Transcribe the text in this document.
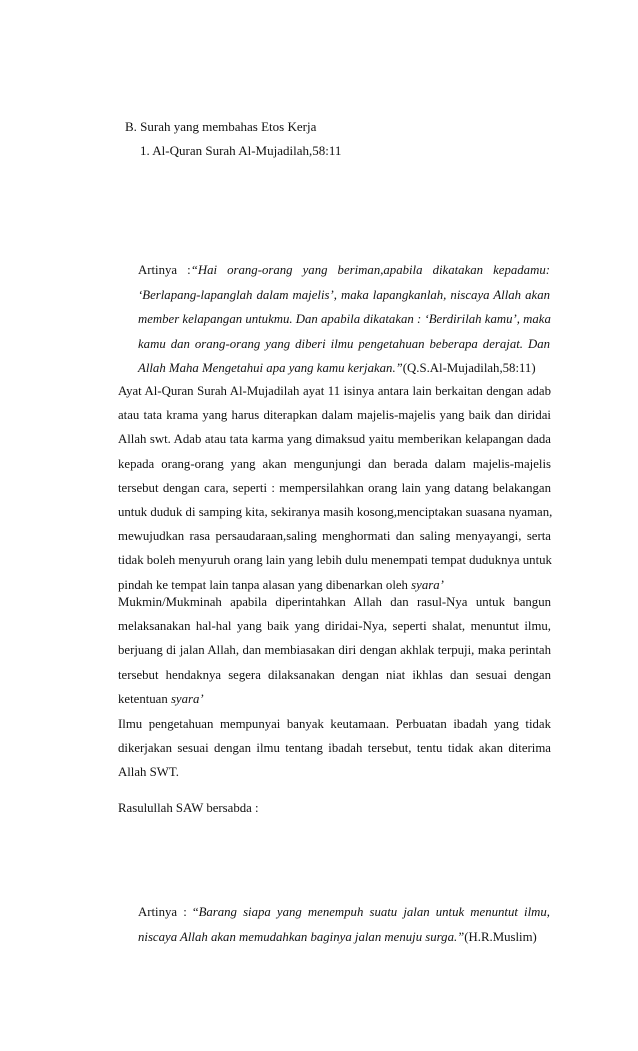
B. Surah yang membahas Etos Kerja
1. Al-Quran Surah Al-Mujadilah,58:11
Artinya :“Hai orang-orang yang beriman,apabila dikatakan kepadamu:
‘Berlapang-lapanglah dalam majelis’, maka lapangkanlah, niscaya Allah akan
member kelapangan untukmu. Dan apabila dikatakan : ‘Berdirilah kamu’, maka
kamu dan orang-orang yang diberi ilmu pengetahuan beberapa derajat. Dan
Allah Maha Mengetahui apa yang kamu kerjakan.”(Q.S.Al-Mujadilah,58:11)
Ayat Al-Quran Surah Al-Mujadilah ayat 11 isinya antara lain berkaitan dengan adab
atau tata krama yang harus diterapkan dalam majelis-majelis yang baik dan diridai
Allah swt. Adab atau tata karma yang dimaksud yaitu memberikan kelapangan dada
kepada orang-orang yang akan mengunjungi dan berada dalam majelis-majelis
tersebut dengan cara, seperti : mempersilahkan orang lain yang datang belakangan
untuk duduk di samping kita, sekiranya masih kosong,menciptakan suasana nyaman,
mewujudkan rasa persaudaraan,saling menghormati dan saling menyayangi, serta
tidak boleh menyuruh orang lain yang lebih dulu menempati tempat duduknya untuk
pindah ke tempat lain tanpa alasan yang dibenarkan oleh syara’
Mukmin/Mukminah apabila diperintahkan Allah dan rasul-Nya untuk bangun
melaksanakan hal-hal yang baik yang diridai-Nya, seperti shalat, menuntut ilmu,
berjuang di jalan Allah, dan membiasakan diri dengan akhlak terpuji, maka perintah
tersebut hendaknya segera dilaksanakan dengan niat ikhlas dan sesuai dengan
ketentuan syara’
Ilmu pengetahuan mempunyai banyak keutamaan. Perbuatan ibadah yang tidak
dikerjakan sesuai dengan ilmu tentang ibadah tersebut, tentu tidak akan diterima
Allah SWT.
Rasulullah SAW bersabda :
Artinya : “Barang siapa yang menempuh suatu jalan untuk menuntut ilmu,
niscaya Allah akan memudahkan baginya jalan menuju surga.”(H.R.Muslim)
